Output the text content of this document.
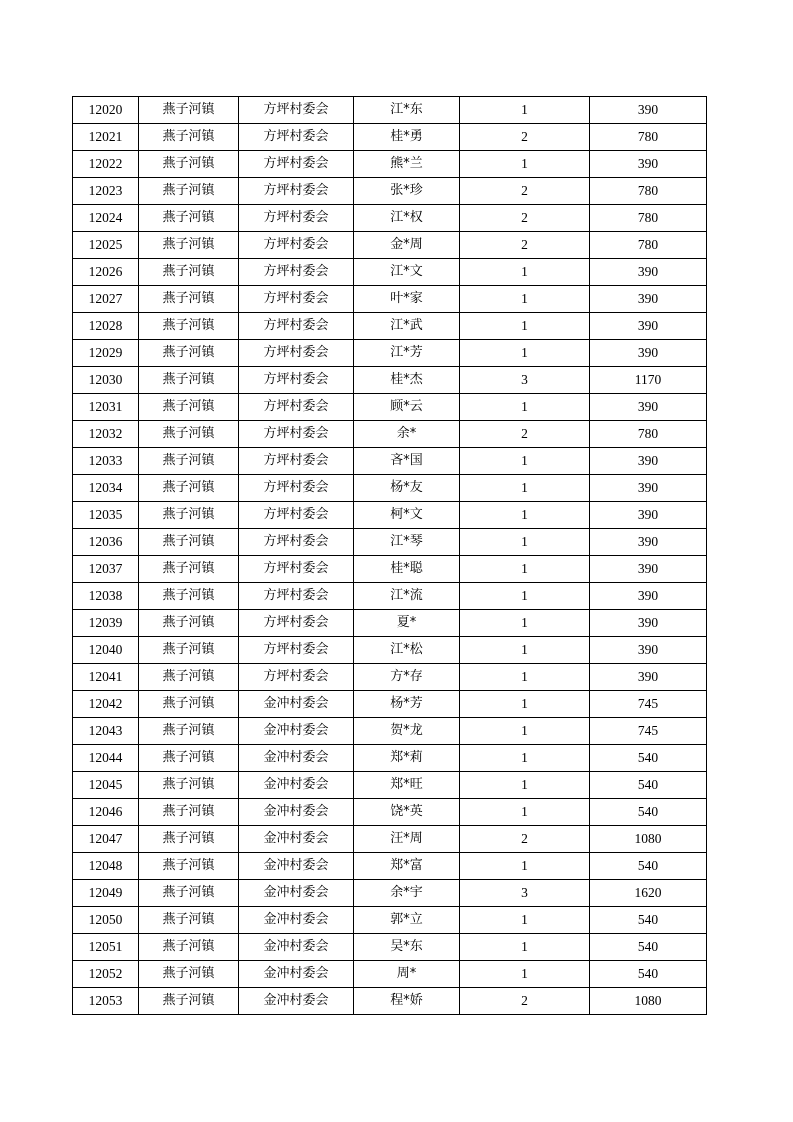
12020	燕子河镇	方坪村委会	江*东	1	390
12021	燕子河镇	方坪村委会	桂*勇	2	780
12022	燕子河镇	方坪村委会	熊*兰	1	390
12023	燕子河镇	方坪村委会	张*珍	2	780
12024	燕子河镇	方坪村委会	江*权	2	780
12025	燕子河镇	方坪村委会	金*周	2	780
12026	燕子河镇	方坪村委会	江*文	1	390
12027	燕子河镇	方坪村委会	叶*家	1	390
12028	燕子河镇	方坪村委会	江*武	1	390
12029	燕子河镇	方坪村委会	江*芳	1	390
12030	燕子河镇	方坪村委会	桂*杰	3	1170
12031	燕子河镇	方坪村委会	顾*云	1	390
12032	燕子河镇	方坪村委会	余*	2	780
12033	燕子河镇	方坪村委会	吝*国	1	390
12034	燕子河镇	方坪村委会	杨*友	1	390
12035	燕子河镇	方坪村委会	柯*文	1	390
12036	燕子河镇	方坪村委会	江*琴	1	390
12037	燕子河镇	方坪村委会	桂*聪	1	390
12038	燕子河镇	方坪村委会	江*流	1	390
12039	燕子河镇	方坪村委会	夏*	1	390
12040	燕子河镇	方坪村委会	江*松	1	390
12041	燕子河镇	方坪村委会	方*存	1	390
12042	燕子河镇	金冲村委会	杨*芳	1	745
12043	燕子河镇	金冲村委会	贺*龙	1	745
12044	燕子河镇	金冲村委会	郑*莉	1	540
12045	燕子河镇	金冲村委会	郑*旺	1	540
12046	燕子河镇	金冲村委会	饶*英	1	540
12047	燕子河镇	金冲村委会	汪*周	2	1080
12048	燕子河镇	金冲村委会	郑*富	1	540
12049	燕子河镇	金冲村委会	余*宇	3	1620
12050	燕子河镇	金冲村委会	郭*立	1	540
12051	燕子河镇	金冲村委会	吴*东	1	540
12052	燕子河镇	金冲村委会	周*	1	540
12053	燕子河镇	金冲村委会	程*娇	2	1080
